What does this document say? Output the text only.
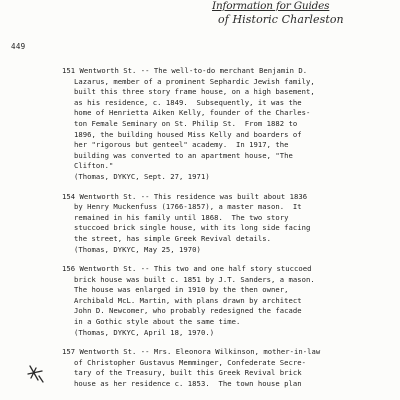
Information for Guides
of Historic Charleston
449
151 Wentworth St. -- The well-to-do merchant Benjamin D.
Lazarus, member of a prominent Sephardic Jewish family,
built this three story frame house, on a high basement,
as his residence, c. 1849.  Subsequently, it was the
home of Henrietta Aiken Kelly, founder of the Charles-
ton Female Seminary on St. Philip St.  From 1882 to
1896, the building housed Miss Kelly and boarders of
her "rigorous but genteel" academy.  In 1917, the
building was converted to an apartment house, "The
Clifton."
(Thomas, DYKYC, Sept. 27, 1971)
154 Wentworth St. -- This residence was built about 1836
by Henry Muckenfuss (1766-1857), a master mason.  It
remained in his family until 1868.  The two story
stuccoed brick single house, with its long side facing
the street, has simple Greek Revival details.
(Thomas, DYKYC, May 25, 1970)
156 Wentworth St. -- This two and one half story stuccoed
brick house was built c. 1851 by J.T. Sanders, a mason.
The house was enlarged in 1910 by the then owner,
Archibald McL. Martin, with plans drawn by architect
John D. Newcomer, who probably redesigned the facade
in a Gothic style about the same time.
(Thomas, DYKYC, April 18, 1970.)
157 Wentworth St. -- Mrs. Eleonora Wilkinson, mother-in-law
of Christopher Gustavus Memminger, Confederate Secre-
tary of the Treasury, built this Greek Revival brick
house as her residence c. 1853.  The town house plan
